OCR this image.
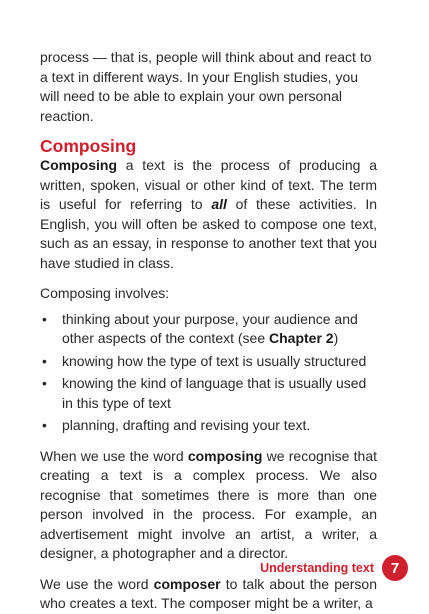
process — that is, people will think about and react to a text in different ways. In your English studies, you will need to be able to explain your own personal reaction.

Composing

Composing a text is the process of producing a written, spoken, visual or other kind of text. The term is useful for referring to all of these activities. In English, you will often be asked to compose one text, such as an essay, in response to another text that you have studied in class.

Composing involves:

• thinking about your purpose, your audience and other aspects of the context (see Chapter 2)
• knowing how the type of text is usually structured
• knowing the kind of language that is usually used in this type of text
• planning, drafting and revising your text.

When we use the word composing we recognise that creating a text is a complex process. We also recognise that sometimes there is more than one person involved in the process. For example, an advertisement might involve an artist, a writer, a designer, a photographer and a director.

We use the word composer to talk about the person who creates a text. The composer might be a writer, a

Understanding text	7
